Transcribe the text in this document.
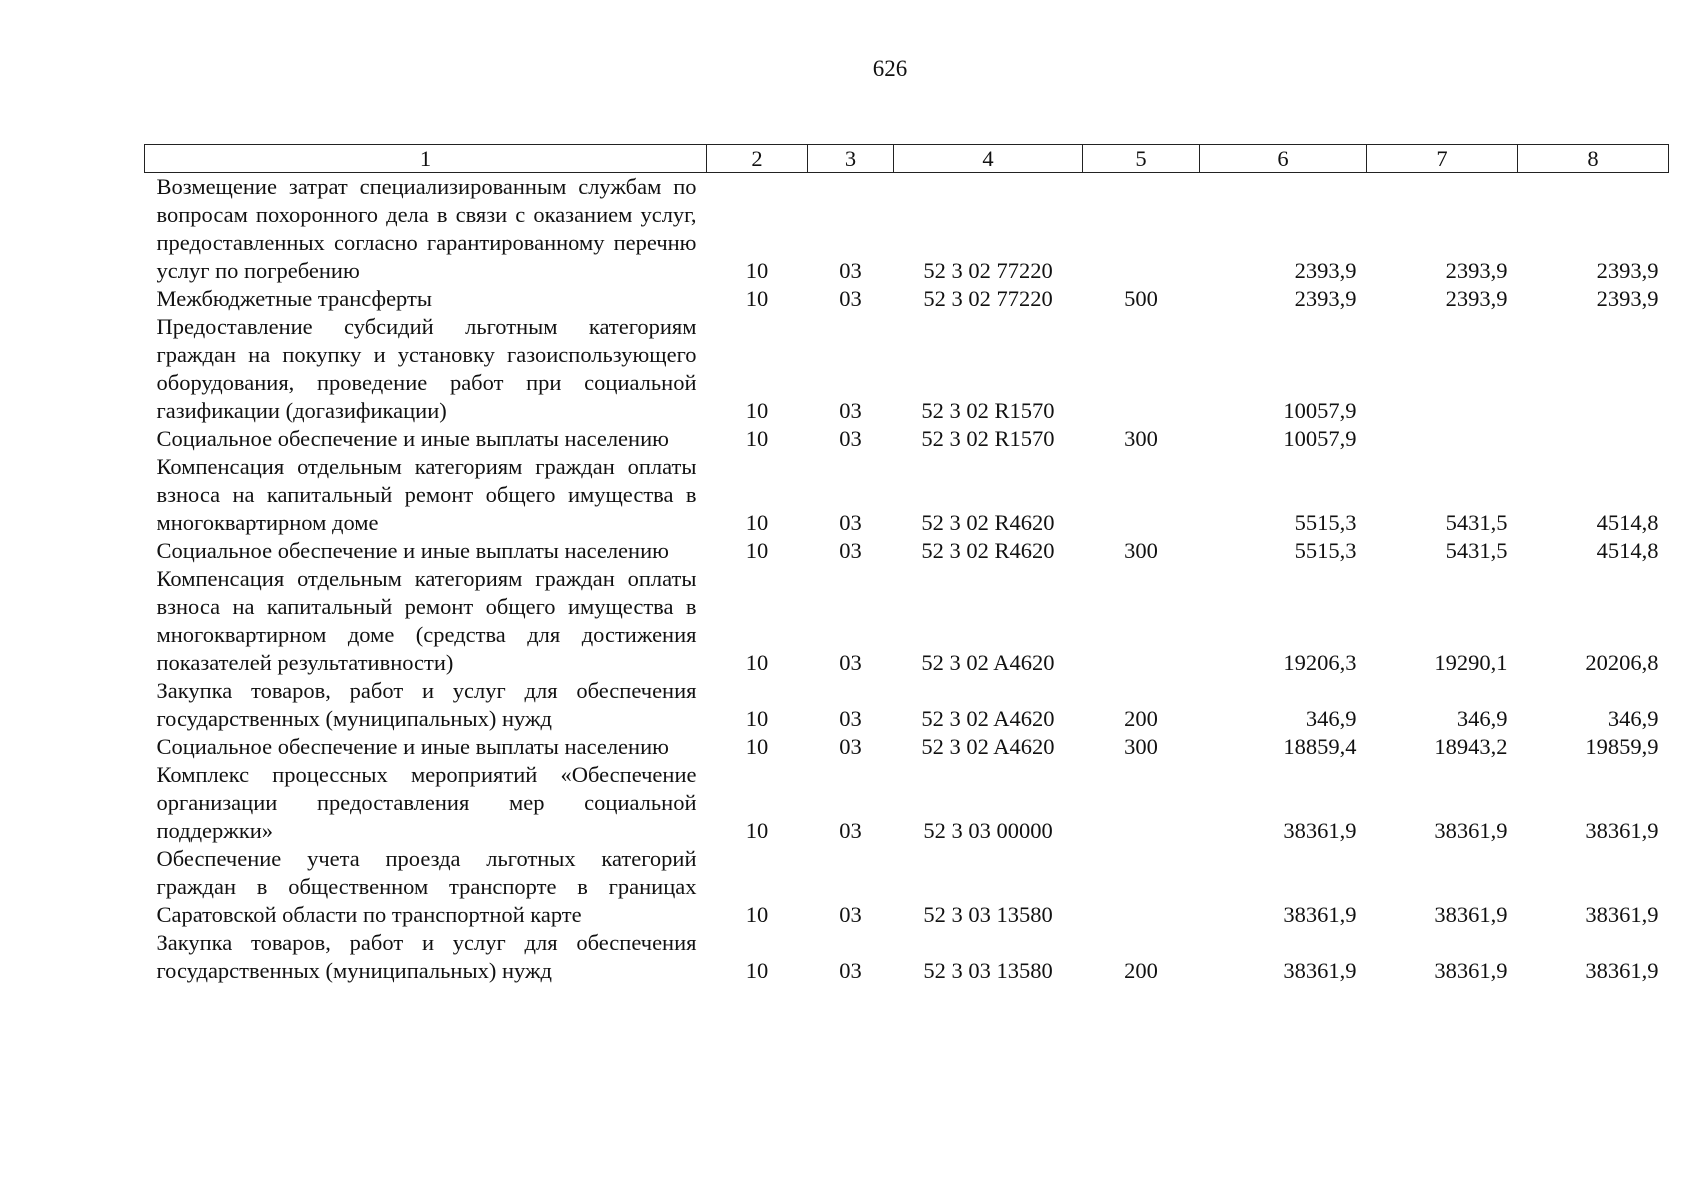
626
1	2	3	4	5	6	7	8
Возмещение затрат специализированным службам по вопросам похоронного дела в связи с оказанием услуг, предоставленных согласно гарантированному перечню услуг по погребению	10	03	52 3 02 77220		2393,9	2393,9	2393,9
Межбюджетные трансферты	10	03	52 3 02 77220	500	2393,9	2393,9	2393,9
Предоставление субсидий льготным категориям граждан на покупку и установку газоиспользующего оборудования, проведение работ при социальной газификации (догазификации)	10	03	52 3 02 R1570		10057,9		
Социальное обеспечение и иные выплаты населению	10	03	52 3 02 R1570	300	10057,9		
Компенсация отдельным категориям граждан оплаты взноса на капитальный ремонт общего имущества в многоквартирном доме	10	03	52 3 02 R4620		5515,3	5431,5	4514,8
Социальное обеспечение и иные выплаты населению	10	03	52 3 02 R4620	300	5515,3	5431,5	4514,8
Компенсация отдельным категориям граждан оплаты взноса на капитальный ремонт общего имущества в многоквартирном доме (средства для достижения показателей результативности)	10	03	52 3 02 A4620		19206,3	19290,1	20206,8
Закупка товаров, работ и услуг для обеспечения государственных (муниципальных) нужд	10	03	52 3 02 A4620	200	346,9	346,9	346,9
Социальное обеспечение и иные выплаты населению	10	03	52 3 02 A4620	300	18859,4	18943,2	19859,9
Комплекс процессных мероприятий «Обеспечение организации предоставления мер социальной поддержки»	10	03	52 3 03 00000		38361,9	38361,9	38361,9
Обеспечение учета проезда льготных категорий граждан в общественном транспорте в границах Саратовской области по транспортной карте	10	03	52 3 03 13580		38361,9	38361,9	38361,9
Закупка товаров, работ и услуг для обеспечения государственных (муниципальных) нужд	10	03	52 3 03 13580	200	38361,9	38361,9	38361,9
